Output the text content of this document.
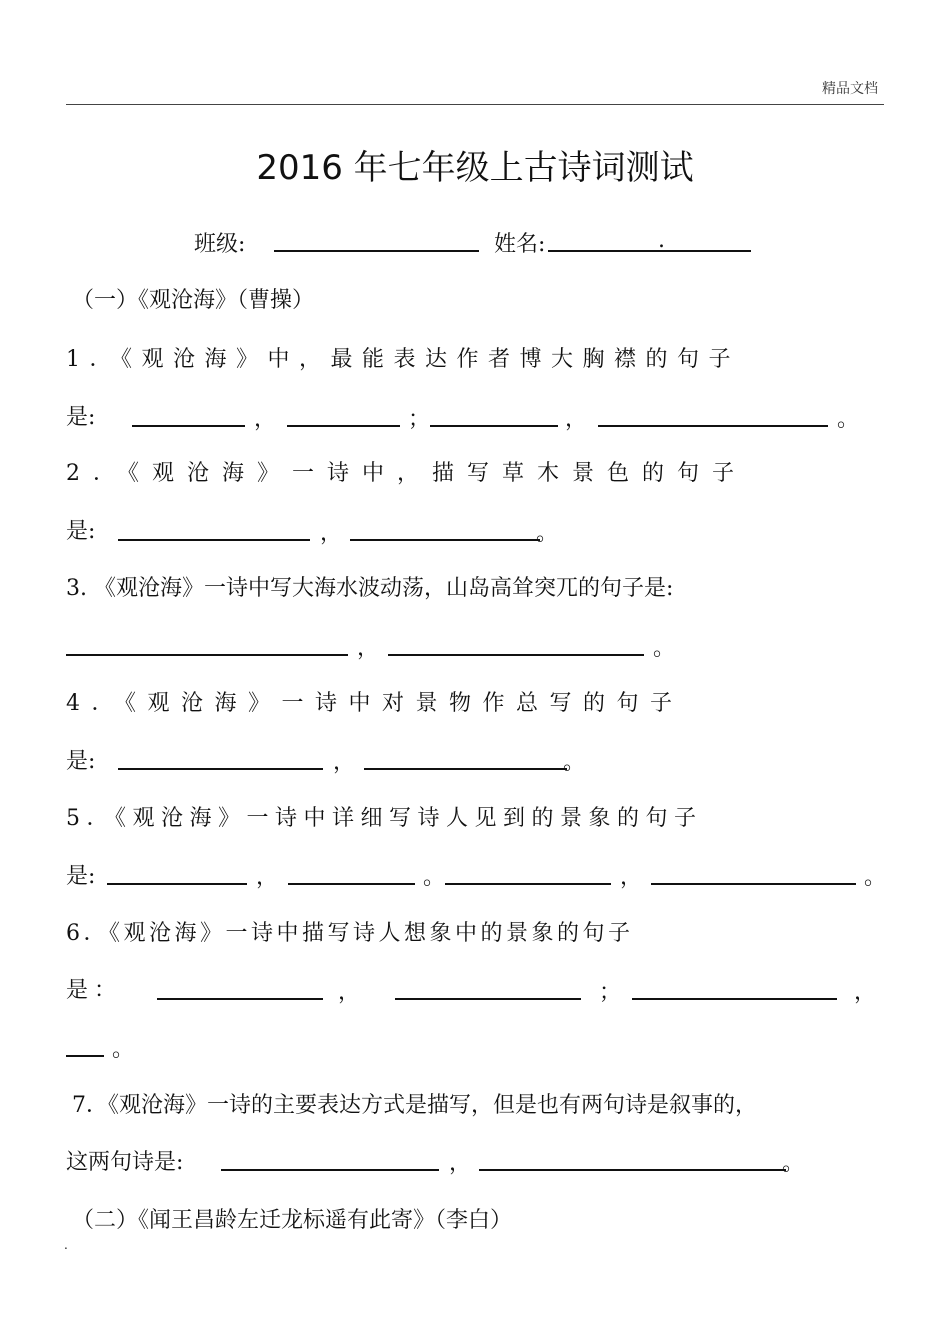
精品文档
2016 年七年级上古诗词测试
班级:	姓名:	.
（一）《观沧海》（曹操）
1．《观沧海》中，最能表达作者博大胸襟的句子
是:	，	；	，	。
2．《观沧海》一诗中，描写草木景色的句子
是:	，	。
3. 《观沧海》一诗中写大海水波动荡，山岛高耸突兀的句子是:
，	。
4．《观沧海》一诗中对景物作总写的句子
是:	，	。
5．《观沧海》一诗中详细写诗人见到的景象的句子
是:	，	。	，	。
6．《观沧海》一诗中描写诗人想象中的景象的句子
是：	，	；	，
。
7．《观沧海》一诗的主要表达方式是描写，但是也有两句诗是叙事的，
这两句诗是:	，	。
（二）《闻王昌龄左迁龙标遥有此寄》（李白）
.
